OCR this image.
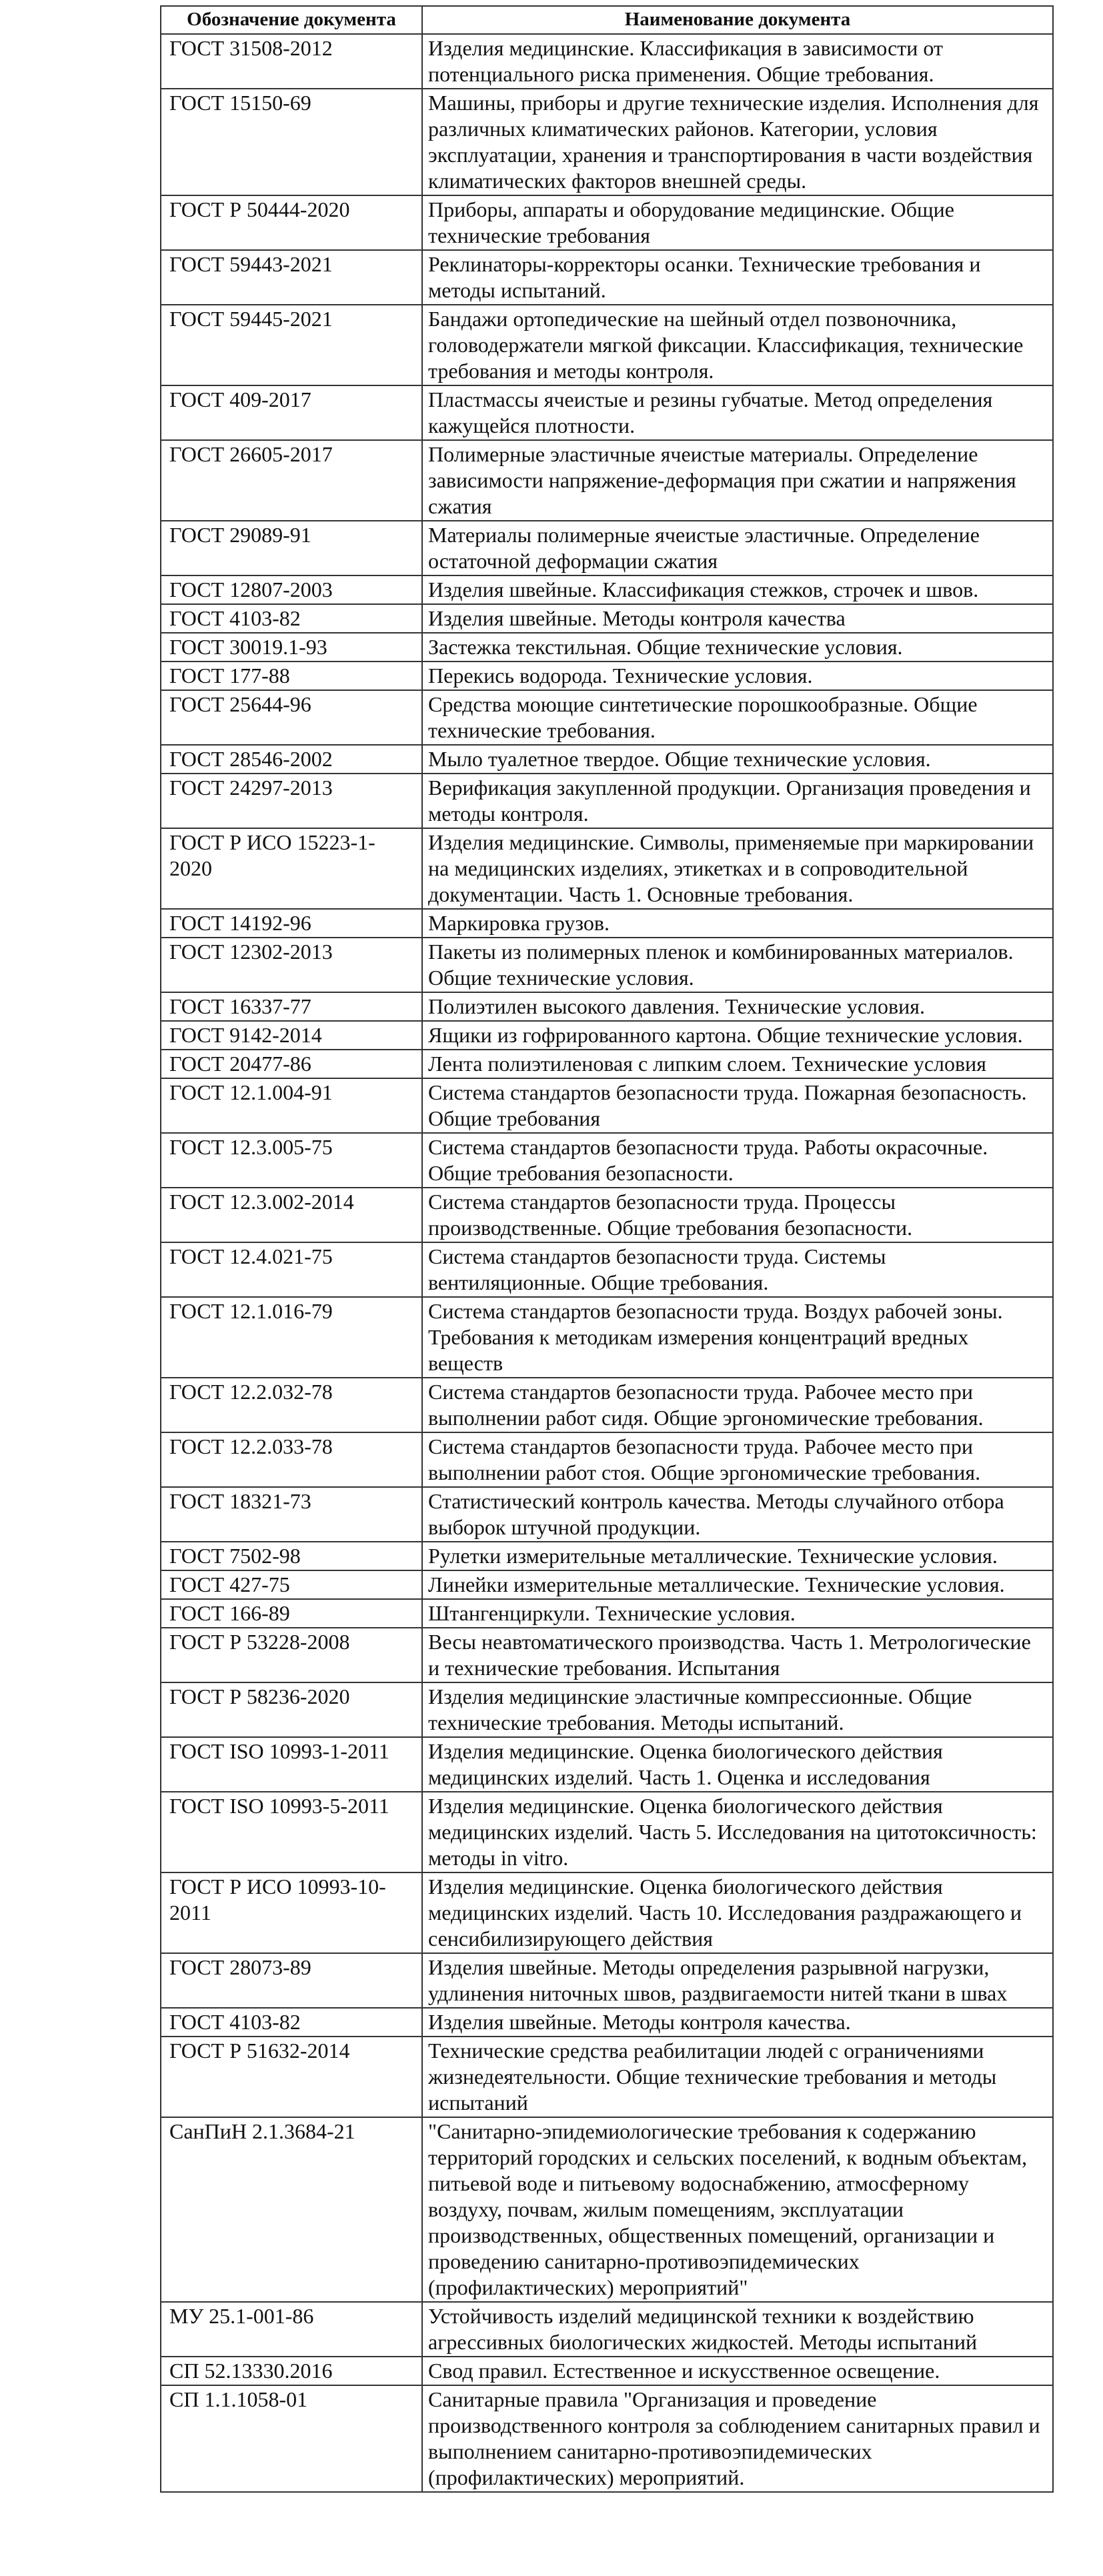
Обозначение документа	Наименование документа
ГОСТ 31508-2012	Изделия медицинские. Классификация в зависимости от потенциального риска применения. Общие требования.
ГОСТ 15150-69	Машины, приборы и другие технические изделия. Исполнения для различных климатических районов. Категории, условия эксплуатации, хранения и транспортирования в части воздействия климатических факторов внешней среды.
ГОСТ Р 50444-2020	Приборы, аппараты и оборудование медицинские. Общие технические требования
ГОСТ 59443-2021	Реклинаторы-корректоры осанки. Технические требования и методы испытаний.
ГОСТ 59445-2021	Бандажи ортопедические на шейный отдел позвоночника, головодержатели мягкой фиксации. Классификация, технические требования и методы контроля.
ГОСТ 409-2017	Пластмассы ячеистые и резины губчатые. Метод определения кажущейся плотности.
ГОСТ 26605-2017	Полимерные эластичные ячеистые материалы. Определение зависимости напряжение-деформация при сжатии и напряжения сжатия
ГОСТ 29089-91	Материалы полимерные ячеистые эластичные. Определение остаточной деформации сжатия
ГОСТ 12807-2003	Изделия швейные. Классификация стежков, строчек и швов.
ГОСТ 4103-82	Изделия швейные. Методы контроля качества
ГОСТ 30019.1-93	Застежка текстильная. Общие технические условия.
ГОСТ 177-88	Перекись водорода. Технические условия.
ГОСТ 25644-96	Средства моющие синтетические порошкообразные. Общие технические требования.
ГОСТ 28546-2002	Мыло туалетное твердое. Общие технические условия.
ГОСТ 24297-2013	Верификация закупленной продукции. Организация проведения и методы контроля.
ГОСТ Р ИСО 15223-1-2020	Изделия медицинские. Символы, применяемые при маркировании на медицинских изделиях, этикетках и в сопроводительной документации. Часть 1. Основные требования.
ГОСТ 14192-96	Маркировка грузов.
ГОСТ 12302-2013	Пакеты из полимерных пленок и комбинированных материалов. Общие технические условия.
ГОСТ 16337-77	Полиэтилен высокого давления. Технические условия.
ГОСТ 9142-2014	Ящики из гофрированного картона. Общие технические условия.
ГОСТ 20477-86	Лента полиэтиленовая с липким слоем. Технические условия
ГОСТ 12.1.004-91	Система стандартов безопасности труда. Пожарная безопасность. Общие требования
ГОСТ 12.3.005-75	Система стандартов безопасности труда. Работы окрасочные. Общие требования безопасности.
ГОСТ 12.3.002-2014	Система стандартов безопасности труда. Процессы производственные. Общие требования безопасности.
ГОСТ 12.4.021-75	Система стандартов безопасности труда. Системы вентиляционные. Общие требования.
ГОСТ 12.1.016-79	Система стандартов безопасности труда. Воздух рабочей зоны. Требования к методикам измерения концентраций вредных веществ
ГОСТ 12.2.032-78	Система стандартов безопасности труда. Рабочее место при выполнении работ сидя. Общие эргономические требования.
ГОСТ 12.2.033-78	Система стандартов безопасности труда. Рабочее место при выполнении работ стоя. Общие эргономические требования.
ГОСТ 18321-73	Статистический контроль качества. Методы случайного отбора выборок штучной продукции.
ГОСТ 7502-98	Рулетки измерительные металлические. Технические условия.
ГОСТ 427-75	Линейки измерительные металлические. Технические условия.
ГОСТ 166-89	Штангенциркули. Технические условия.
ГОСТ Р 53228-2008	Весы неавтоматического производства. Часть 1. Метрологические и технические требования. Испытания
ГОСТ Р 58236-2020	Изделия медицинские эластичные компрессионные. Общие технические требования. Методы испытаний.
ГОСТ ISO 10993-1-2011	Изделия медицинские. Оценка биологического действия медицинских изделий. Часть 1. Оценка и исследования
ГОСТ ISO 10993-5-2011	Изделия медицинские. Оценка биологического действия медицинских изделий. Часть 5. Исследования на цитотоксичность: методы in vitro.
ГОСТ Р ИСО 10993-10-2011	Изделия медицинские. Оценка биологического действия медицинских изделий. Часть 10. Исследования раздражающего и сенсибилизирующего действия
ГОСТ 28073-89	Изделия швейные. Методы определения разрывной нагрузки, удлинения ниточных швов, раздвигаемости нитей ткани в швах
ГОСТ 4103-82	Изделия швейные. Методы контроля качества.
ГОСТ Р 51632-2014	Технические средства реабилитации людей с ограничениями жизнедеятельности. Общие технические требования и методы испытаний
СанПиН 2.1.3684-21	"Санитарно-эпидемиологические требования к содержанию территорий городских и сельских поселений, к водным объектам, питьевой воде и питьевому водоснабжению, атмосферному воздуху, почвам, жилым помещениям, эксплуатации производственных, общественных помещений, организации и проведению санитарно-противоэпидемических (профилактических) мероприятий"
МУ 25.1-001-86	Устойчивость изделий медицинской техники к воздействию агрессивных биологических жидкостей. Методы испытаний
СП 52.13330.2016	Свод правил. Естественное и искусственное освещение.
СП 1.1.1058-01	Санитарные правила "Организация и проведение производственного контроля за соблюдением санитарных правил и выполнением санитарно-противоэпидемических (профилактических) мероприятий.
